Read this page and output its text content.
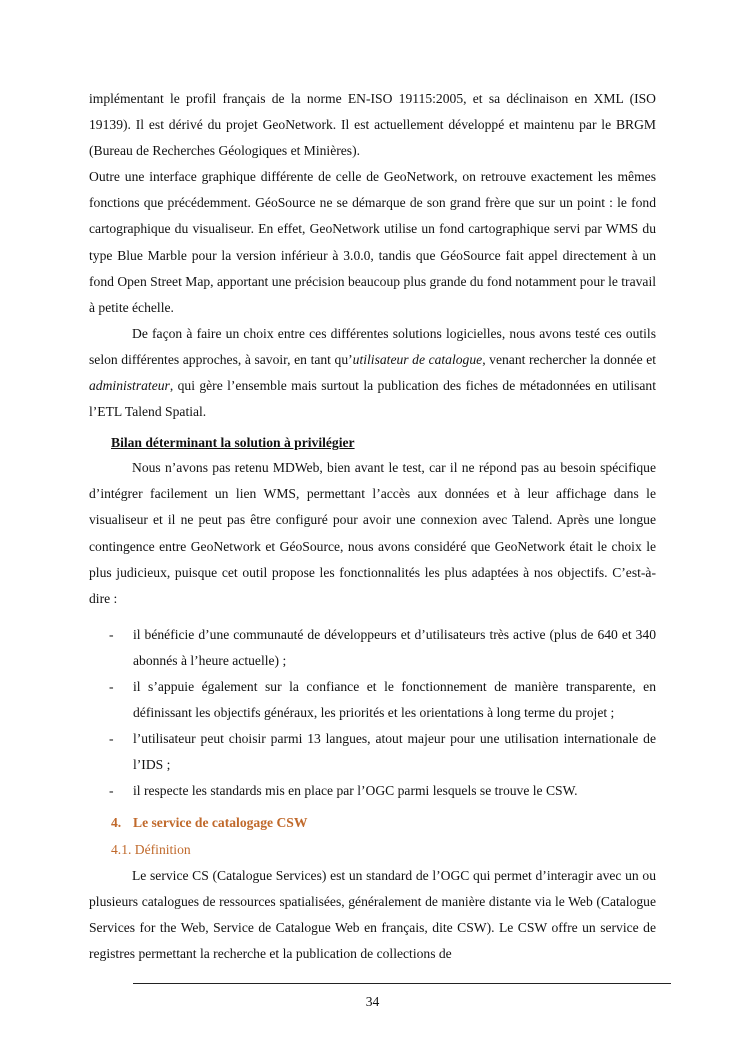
implémentant le profil français de la norme EN-ISO 19115:2005, et sa déclinaison en XML (ISO 19139). Il est dérivé du projet GeoNetwork. Il est actuellement développé et maintenu par le BRGM (Bureau de Recherches Géologiques et Minières).

Outre une interface graphique différente de celle de GeoNetwork, on retrouve exactement les mêmes fonctions que précédemment. GéoSource ne se démarque de son grand frère que sur un point : le fond cartographique du visualiseur. En effet, GeoNetwork utilise un fond cartographique servi par WMS du type Blue Marble pour la version inférieur à 3.0.0, tandis que GéoSource fait appel directement à un fond Open Street Map, apportant une précision beaucoup plus grande du fond notamment pour le travail à petite échelle.

De façon à faire un choix entre ces différentes solutions logicielles, nous avons testé ces outils selon différentes approches, à savoir, en tant qu’utilisateur de catalogue, venant rechercher la donnée et administrateur, qui gère l’ensemble mais surtout la publication des fiches de métadonnées en utilisant l’ETL Talend Spatial.

Bilan déterminant la solution à privilégier

Nous n’avons pas retenu MDWeb, bien avant le test, car il ne répond pas au besoin spécifique d’intégrer facilement un lien WMS, permettant l’accès aux données et à leur affichage dans le visualiseur et il ne peut pas être configuré pour avoir une connexion avec Talend. Après une longue contingence entre GeoNetwork et GéoSource, nous avons considéré que GeoNetwork était le choix le plus judicieux, puisque cet outil propose les fonctionnalités les plus adaptées à nos objectifs. C’est-à-dire :

- il bénéficie d’une communauté de développeurs et d’utilisateurs très active (plus de 640 et 340 abonnés à l’heure actuelle) ;
- il s’appuie également sur la confiance et le fonctionnement de manière transparente, en définissant les objectifs généraux, les priorités et les orientations à long terme du projet ;
- l’utilisateur peut choisir parmi 13 langues, atout majeur pour une utilisation internationale de l’IDS ;
- il respecte les standards mis en place par l’OGC parmi lesquels se trouve le CSW.
4. Le service de catalogage CSW
4.1. Définition

Le service CS (Catalogue Services) est un standard de l’OGC qui permet d’interagir avec un ou plusieurs catalogues de ressources spatialisées, généralement de manière distante via le Web (Catalogue Services for the Web, Service de Catalogue Web en français, dite CSW). Le CSW offre un service de registres permettant la recherche et la publication de collections de

34
